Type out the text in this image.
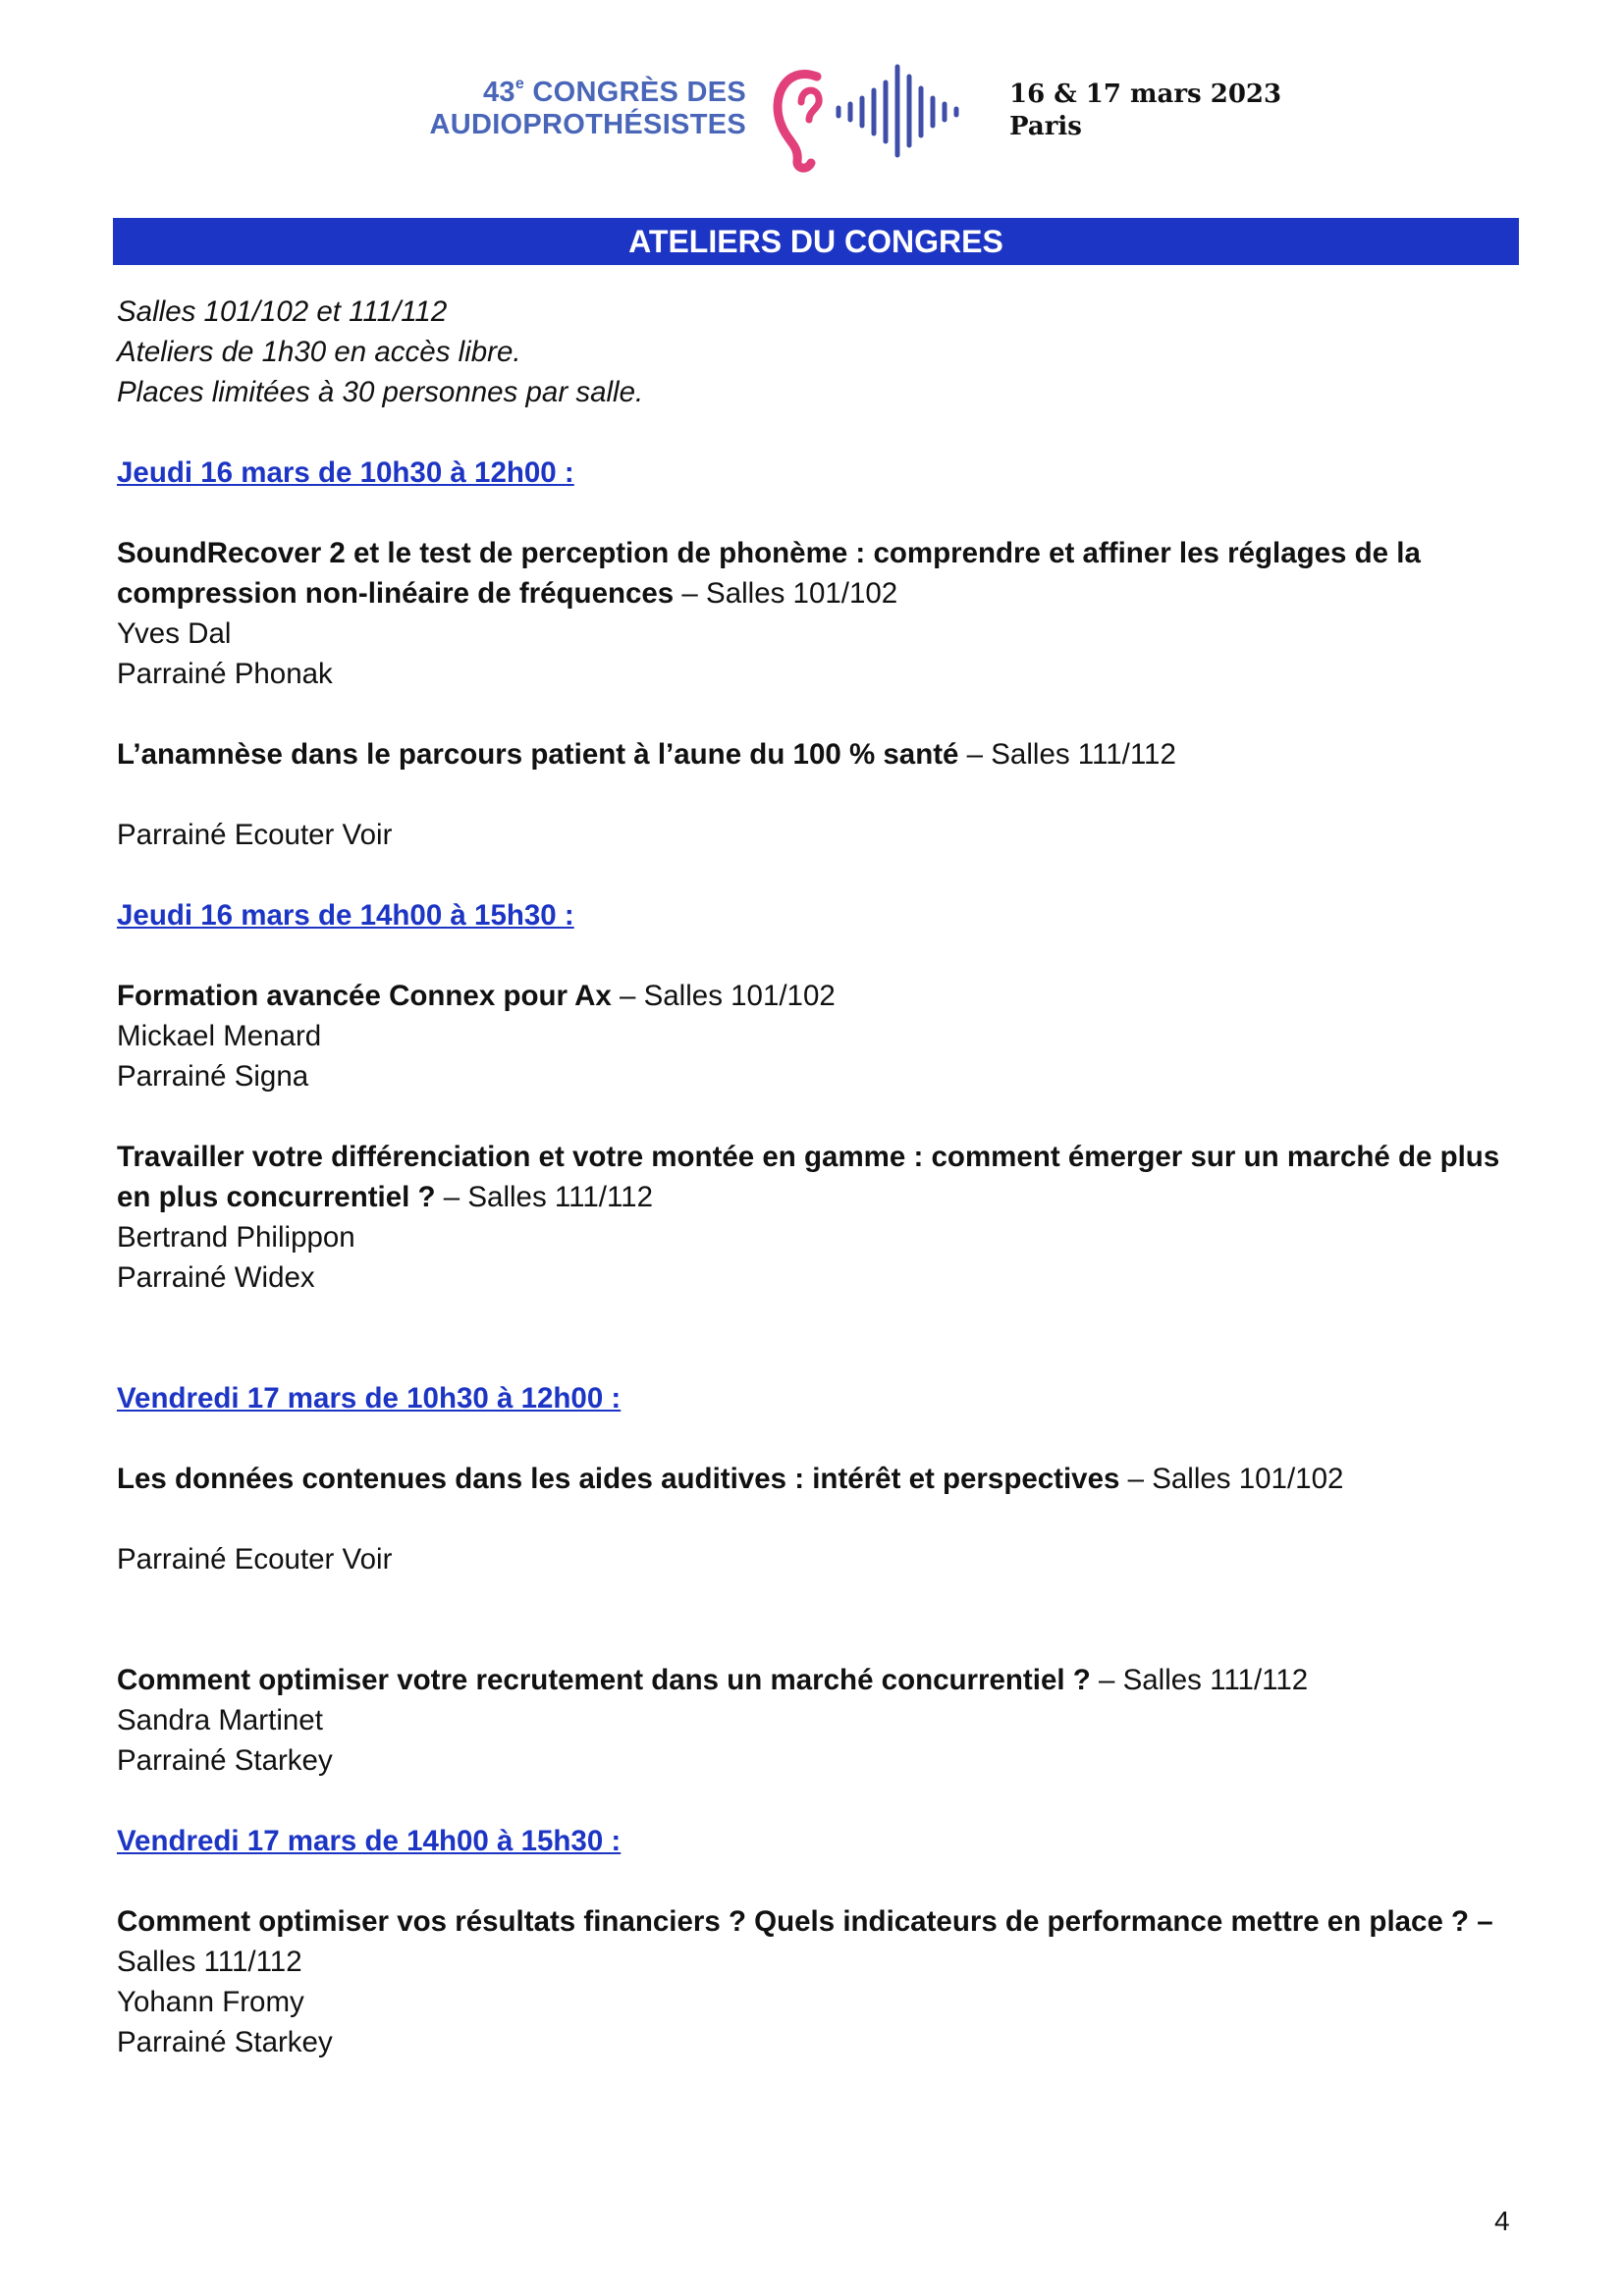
43e CONGRÈS DES
AUDIOPROTHÉSISTES
16 & 17 mars 2023
Paris
ATELIERS DU CONGRES
Salles 101/102 et 111/112
Ateliers de 1h30 en accès libre.
Places limitées à 30 personnes par salle.
Jeudi 16 mars de 10h30 à 12h00 :
SoundRecover 2 et le test de perception de phonème : comprendre et affiner les réglages de la
compression non-linéaire de fréquences – Salles 101/102
Yves Dal
Parrainé Phonak
L’anamnèse dans le parcours patient à l’aune du 100 % santé – Salles 111/112
Parrainé Ecouter Voir
Jeudi 16 mars de 14h00 à 15h30 :
Formation avancée Connex pour Ax – Salles 101/102
Mickael Menard
Parrainé Signa
Travailler votre différenciation et votre montée en gamme : comment émerger sur un marché de plus
en plus concurrentiel ? – Salles 111/112
Bertrand Philippon
Parrainé Widex
Vendredi 17 mars de 10h30 à 12h00 :
Les données contenues dans les aides auditives : intérêt et perspectives – Salles 101/102
Parrainé Ecouter Voir
Comment optimiser votre recrutement dans un marché concurrentiel ? – Salles 111/112
Sandra Martinet
Parrainé Starkey
Vendredi 17 mars de 14h00 à 15h30 :
Comment optimiser vos résultats financiers ? Quels indicateurs de performance mettre en place ? –
Salles 111/112
Yohann Fromy
Parrainé Starkey
4
